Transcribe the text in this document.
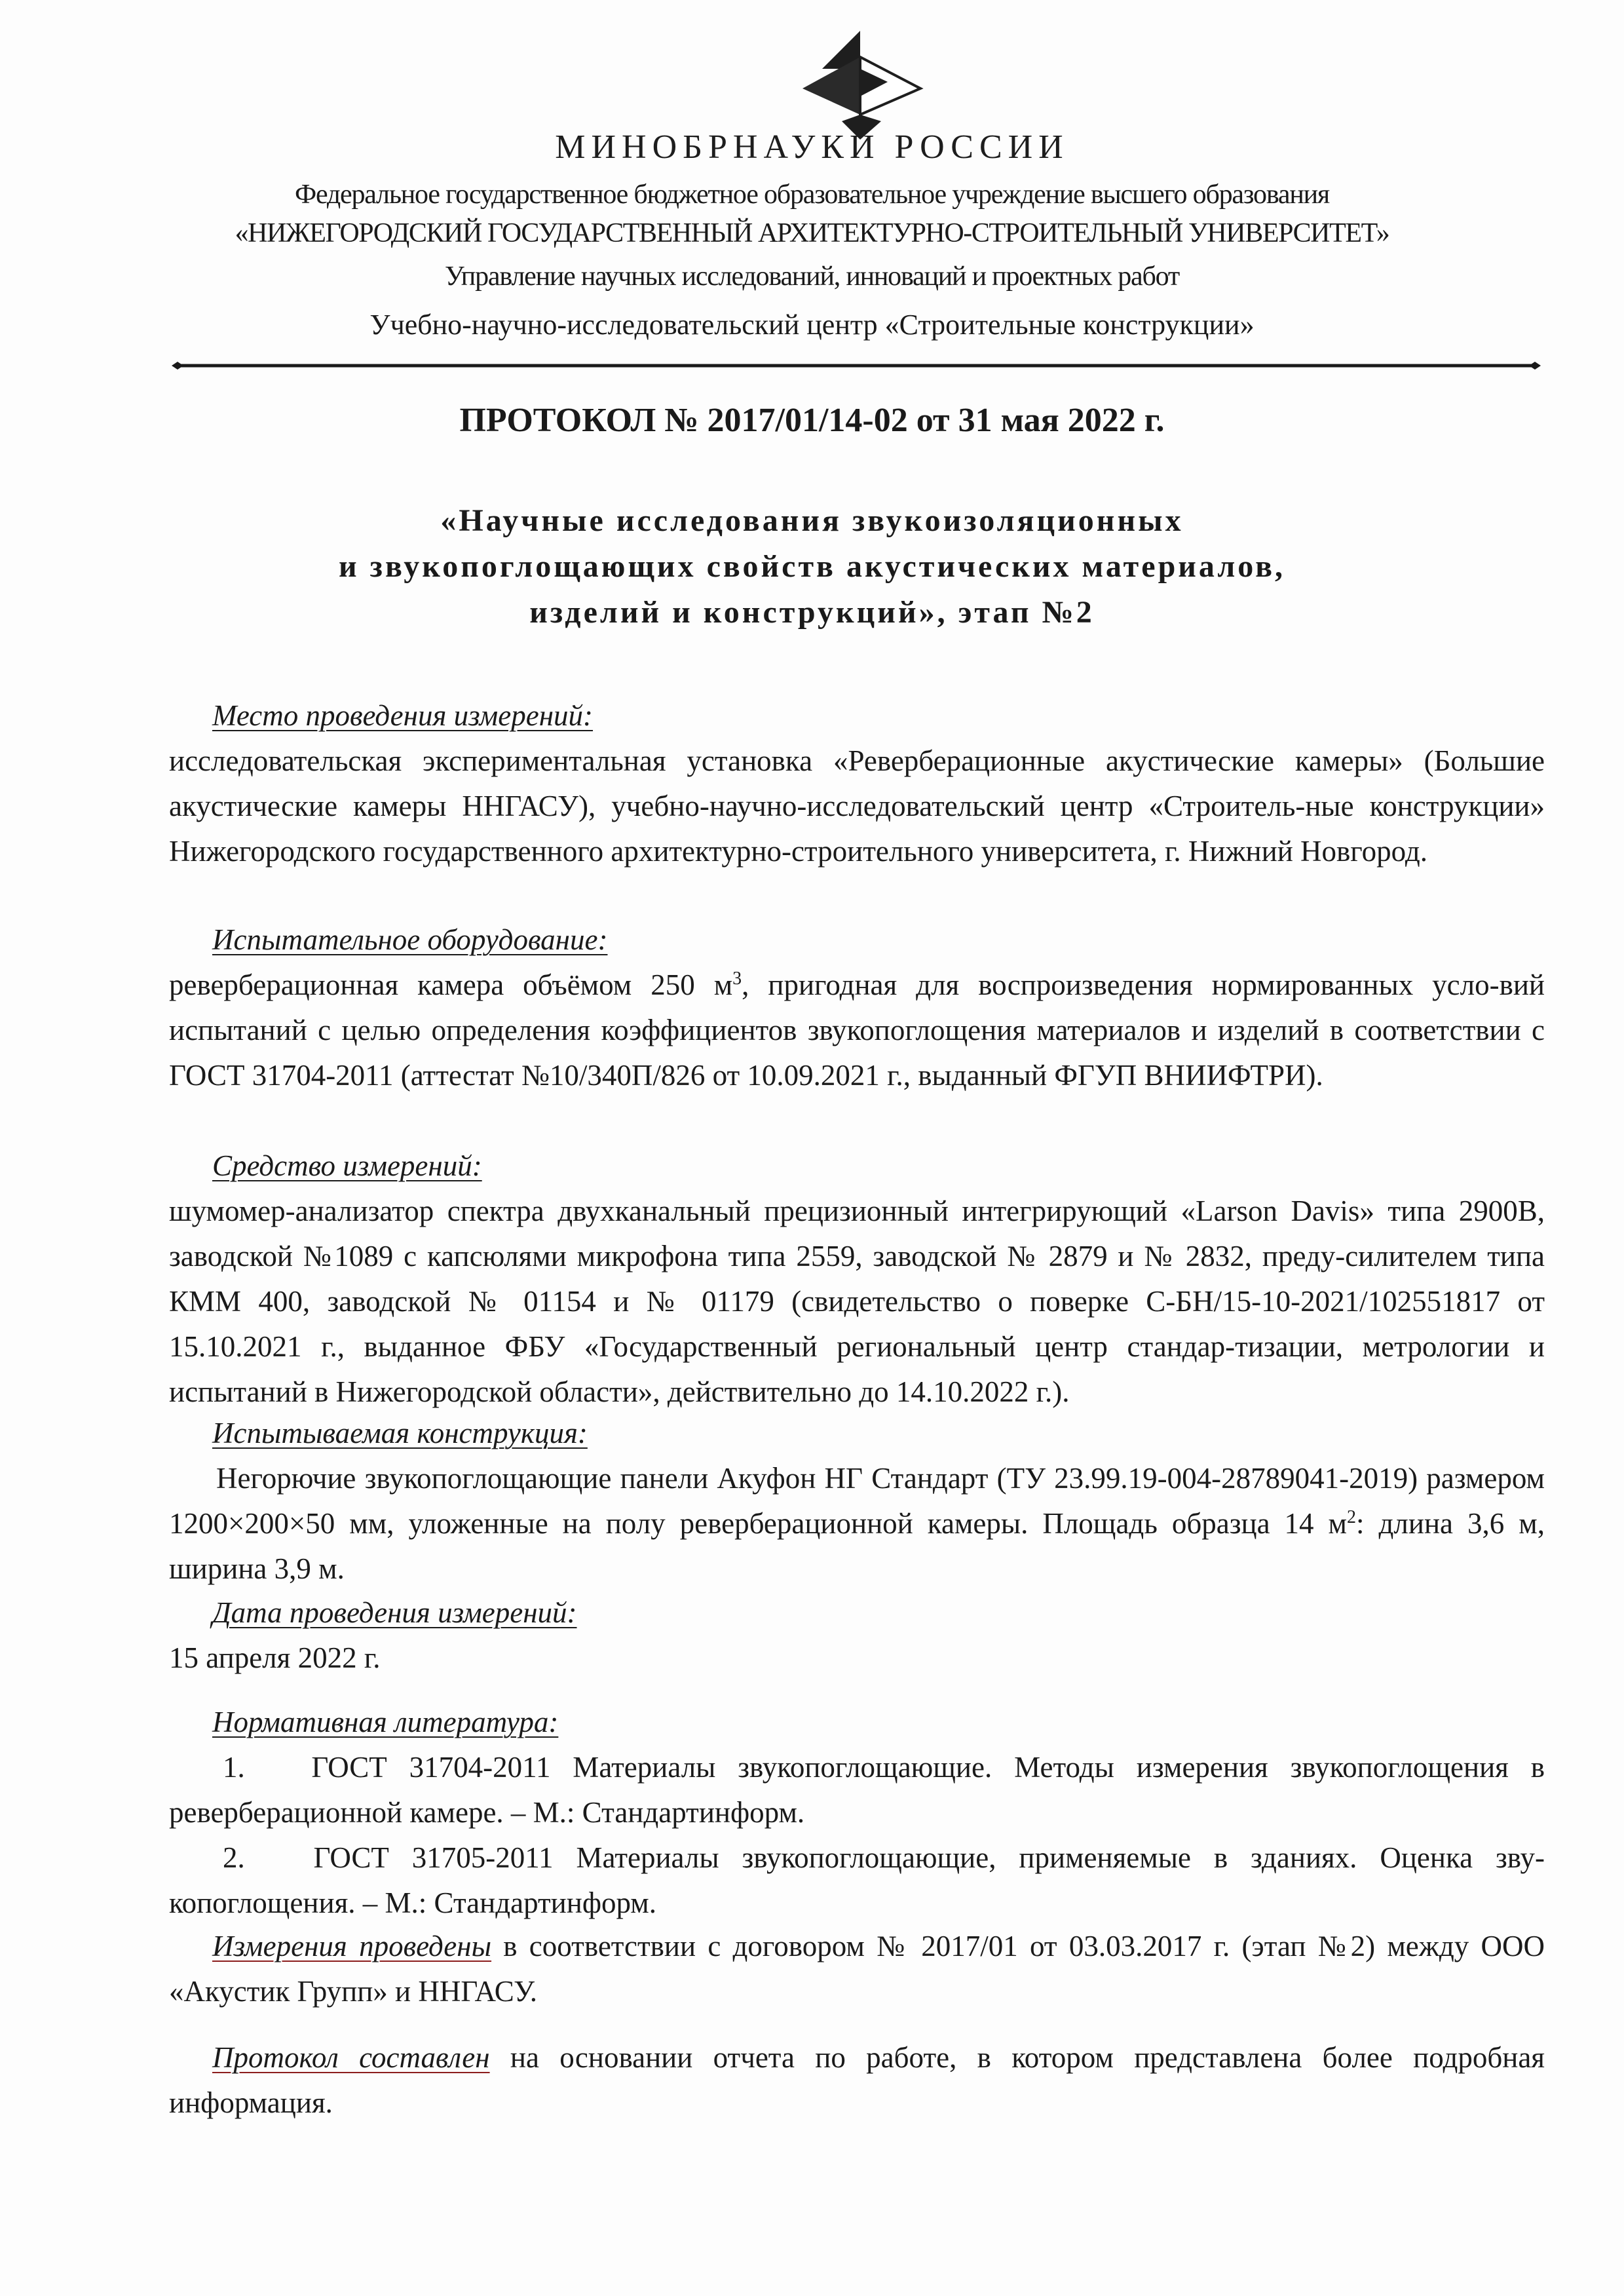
МИНОБРНАУКИ РОССИИ
Федеральное государственное бюджетное образовательное учреждение высшего образования
«НИЖЕГОРОДСКИЙ ГОСУДАРСТВЕННЫЙ АРХИТЕКТУРНО-СТРОИТЕЛЬНЫЙ УНИВЕРСИТЕТ»
Управление научных исследований, инноваций и проектных работ
Учебно-научно-исследовательский центр «Строительные конструкции»
ПРОТОКОЛ № 2017/01/14-02 от 31 мая 2022 г.
«Научные исследования звукоизоляционных
и звукопоглощающих свойств акустических материалов,
изделий и конструкций», этап №2
Место проведения измерений:
исследовательская экспериментальная установка «Реверберационные акустические камеры» (Большие акустические камеры ННГАСУ), учебно-научно-исследовательский центр «Строитель-ные конструкции» Нижегородского государственного архитектурно-строительного университета, г. Нижний Новгород.
Испытательное оборудование:
реверберационная камера объёмом 250 $м^3$, пригодная для воспроизведения нормированных усло-вий испытаний с целью определения коэффициентов звукопоглощения материалов и изделий в соответствии с ГОСТ 31704-2011 (аттестат №10/340П/826 от 10.09.2021 г., выданный ФГУП ВНИИФТРИ).
Средство измерений:
шумомер-анализатор спектра двухканальный прецизионный интегрирующий «Larson Davis» типа 2900B, заводской №1089 с капсюлями микрофона типа 2559, заводской № 2879 и № 2832, преду-силителем типа КММ 400, заводской № 01154 и № 01179 (свидетельство о поверке С-БН/15-10-2021/102551817 от 15.10.2021 г., выданное ФБУ «Государственный региональный центр стандар-тизации, метрологии и испытаний в Нижегородской области», действительно до 14.10.2022 г.).
Испытываемая конструкция:
Негорючие звукопоглощающие панели Акуфон НГ Стандарт (ТУ 23.99.19-004-28789041-2019) размером 1200×200×50 мм, уложенные на полу реверберационной камеры. Площадь образца 14 $м^2$: длина 3,6 м, ширина 3,9 м.
Дата проведения измерений:
15 апреля 2022 г.
Нормативная литература:
1. ГОСТ 31704-2011 Материалы звукопоглощающие. Методы измерения звукопоглощения в реверберационной камере. – М.: Стандартинформ.
2. ГОСТ 31705-2011 Материалы звукопоглощающие, применяемые в зданиях. Оценка зву-копоглощения. – М.: Стандартинформ.
Измерения проведены в соответствии с договором № 2017/01 от 03.03.2017 г. (этап №2) между ООО «Акустик Групп» и ННГАСУ.
Протокол составлен на основании отчета по работе, в котором представлена более подробная информация.
